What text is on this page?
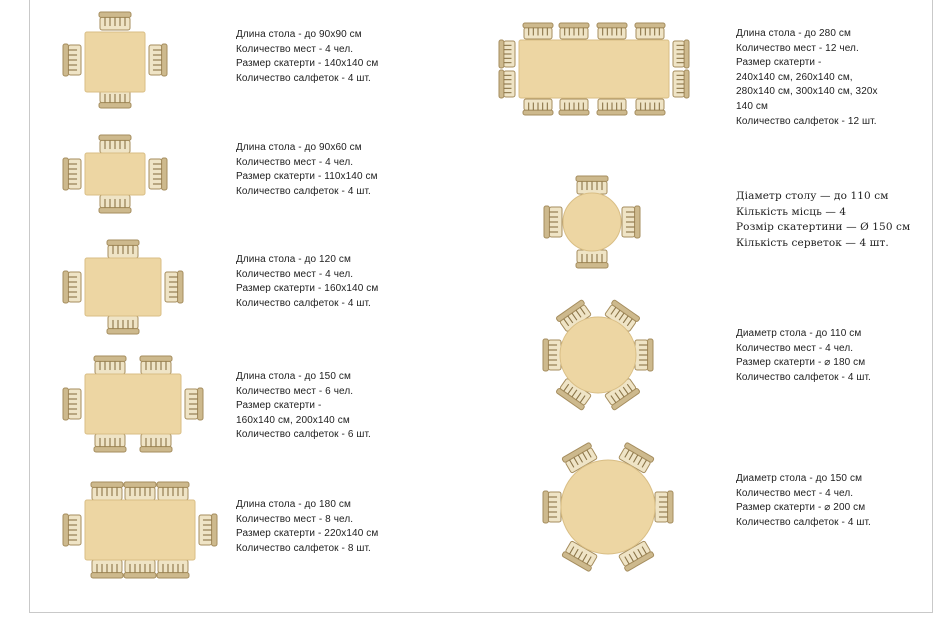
Длина стола - до 90x90 см
Количество мест - 4 чел.
Размер скатерти - 140x140 см
Количество салфеток - 4 шт.
Длина стола - до 90x60 см
Количество мест - 4 чел.
Размер скатерти - 110x140 см
Количество салфеток - 4 шт.
Длина стола - до 120 см
Количество мест - 4 чел.
Размер скатерти - 160x140 см
Количество салфеток - 4 шт.
Длина стола - до 150 см
Количество мест - 6 чел.
Размер скатерти -
160x140 см, 200x140 см
Количество салфеток - 6 шт.
Длина стола - до 180 см
Количество мест - 8 чел.
Размер скатерти - 220x140 см
Количество салфеток - 8 шт.
Длина стола - до 280 см
Количество мест - 12 чел.
Размер скатерти -
240x140 см, 260x140 см,
280x140 см, 300x140 см, 320x
140 см
Количество салфеток - 12 шт.
Діаметр столу — до 110 см
Кількість місць — 4
Розмір скатертини — Ø 150 см
Кількість серветок — 4 шт.
Диаметр стола - до 110 см
Количество мест - 4 чел.
Размер скатерти - ⌀ 180 см
Количество салфеток - 4 шт.
Диаметр стола - до 150 см
Количество мест - 4 чел.
Размер скатерти - ⌀ 200 см
Количество салфеток - 4 шт.
